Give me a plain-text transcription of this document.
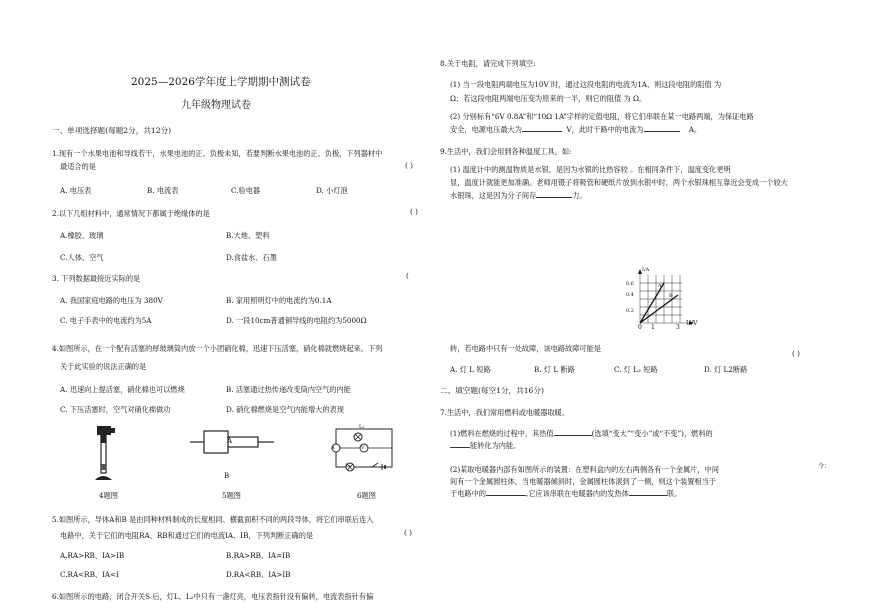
2025—2026学年度上学期期中测试卷
九年级物理试卷
一、单项选择题(每题2分，共12分)
1.现有一个水果电池和导线若干，水果电池的正、负极未知，若要判断水果电池的正、负极，下列器材中
最适合的是	( )
A. 电压表	B. 电流表	C.验电器	D. 小灯泡
2.以下几组材料中，通常情况下都属于绝缘体的是	( )
A.橡胶、玻璃	B.大地、塑料
C.人体、空气	D.食盐水、石墨
3. 下列数据最接近实际的是	(
A. 我国家庭电路的电压为 380V	B. 家用照明灯中的电流约为0.1A
C. 电子手表中的电流约为5A	D. 一段10cm普通铜导线的电阻约为5000Ω
4.如图所示，在一个配有活塞的厚玻璃筒内放一个小团硝化棉，迅速下压活塞，硝化棉就燃烧起来。下列
关于此实验的说法正确的是
A. 迅速向上提活塞，硝化棉也可以燃烧	B. 活塞通过热传递改变筒内空气的内能
C. 下压活塞时，空气对硝化棉做功	D. 硝化棉燃烧是空气内能增大的表现
4题图
A
B
5题图
L₁
A	V
L₂
6题图
5.如图所示，导体A和B 是由同种材料制成的长度相同、横截面积不同的两段导体，将它们串联后连入
电路中，关于它们的电阻RA、RB和通过它们的电流IA、IB，下列判断正确的是	( )
A.RA>RB、IA>IB	B.RA>RB、IA=IB
C.RA<RB、IA<I	D.RA<RB、IA>IB
6.如图所示的电路，闭合开关S 后，灯L、L₂中只有一盏灯亮，电压表指针没有偏转，电流表指针有偏
8.关于电阻，请完成下列填空:
(1) 当一段电阻两端电压为10V 时，通过这段电阻的电流为1A，则这段电阻的阻值 为
Ω；若这段电阻两端电压变为原来的一半，则它的阻值 为 Ω。
(2) 分别标有“6V 0.8A”和“10Ω 1A”字样的定值电阻，将它们串联在某一电路两端，为保证电路
安全，电源电压最大为	V，此时干路中的电流为	A。
9.生活中，我们会用到各种温度工具。如:
(1) 温度计中的测温物质是水银，是因为水银的比热容较 。在相同条件下，温度变化更明
显，温度计就能更加准确。老师用镊子将吸管和硬纸片放到水银中时，两个水银珠相互靠近会变成一个较大
水银珠，这是因为分子间存	力。
I/A
0.6
0.4
0.2
0 1	3
U/V
A
B
转，若电路中只有一处故障，该电路故障可能是
( )
A. 灯 L 短路	B. 灯 L 断路	C. 灯 L₂ 短路	D. 灯 L2断路
二、填空题(每空1分，共16分)
7.生活中，我们常用燃料或电暖器取暖。
(1)燃料在燃烧的过程中，其热值	(选填“变大”“变小”或“不变”)，燃料的
能转化为内能。
(2)某取电暖器内部有如图所示的装置：在塑料盒内的左右两侧各有一个金属片，中间
间有一个金属圆柱体，当电暖器倾斜时，金属圆柱体滚到了一侧，则这个装置相当于
于电路中的	,它应该串联在电暖器内的发热体	联。
令：
